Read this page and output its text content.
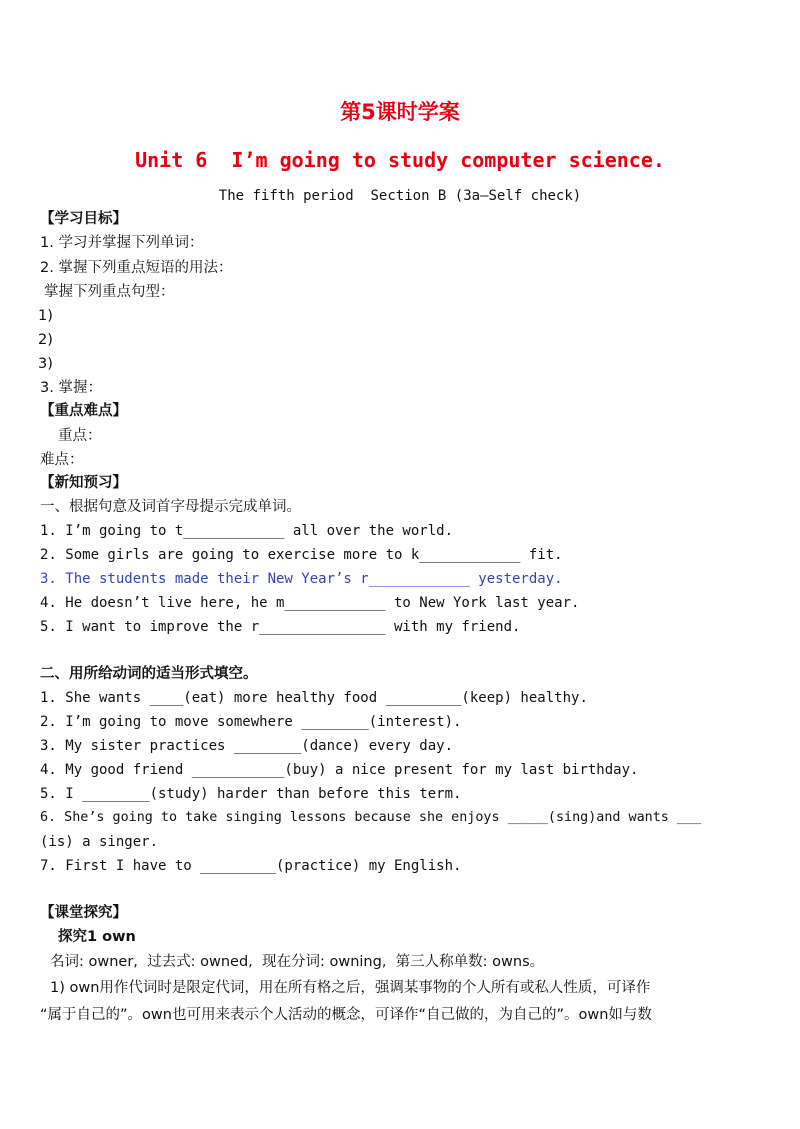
第5课时学案
Unit 6  I’m going to study computer science.
The fifth period  Section B (3a—Self check)
【学习目标】
1. 学习并掌握下列单词：
2. 掌握下列重点短语的用法：
掌握下列重点句型：
1)
2)
3)
3. 掌握：
【重点难点】
重点：
难点：
【新知预习】
一、根据句意及词首字母提示完成单词。
1. I’m going to t____________ all over the world.
2. Some girls are going to exercise more to k____________ fit.
3. The students made their New Year’s r____________ yesterday.
4. He doesn’t live here, he m____________ to New York last year.
5. I want to improve the r_______________ with my friend.
二、用所给动词的适当形式填空。
1. She wants ____(eat) more healthy food _________(keep) healthy.
2. I’m going to move somewhere ________(interest).
3. My sister practices ________(dance) every day.
4. My good friend ___________(buy) a nice present for my last birthday.
5. I ________(study) harder than before this term.
6. She’s going to take singing lessons because she enjoys _____(sing)and wants ___
(is) a singer.
7. First I have to _________(practice) my English.
【课堂探究】
探究1 own
名词: owner,  过去式: owned,  现在分词: owning,  第三人称单数: owns。
1) own用作代词时是限定代词，用在所有格之后，强调某事物的个人所有或私人性质，可译作
“属于自己的”。own也可用来表示个人活动的概念，可译作“自己做的，为自己的”。own如与数
